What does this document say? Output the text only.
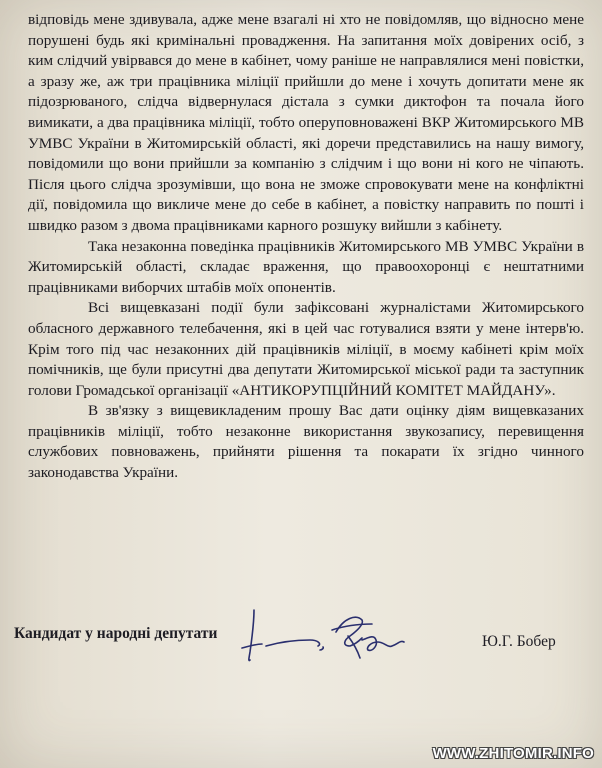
відповідь мене здивувала, адже мене взагалі ні хто не повідомляв, що відносно мене порушені будь які кримінальні провадження. На запитання моїх довірених осіб, з ким слідчий увірвався до мене в кабінет, чому раніше не направлялися мені повістки, а зразу же, аж три працівника міліції прийшли до мене і хочуть допитати мене як підозрюваного, слідча відвернулася дістала з сумки диктофон та почала його вимикати, а два працівника міліції, тобто оперуповноважені ВКР Житомирського МВ УМВС України в Житомирській області, які доречи представились на нашу вимогу, повідомили що вони прийшли за компанію з слідчим і що вони ні кого не чіпають. Після цього слідча зрозумівши, що вона не зможе спровокувати мене на конфліктні дії, повідомила що викличе мене до себе в кабінет, а повістку направить по пошті і швидко разом з двома працівниками карного розшуку вийшли з кабінету.

Така незаконна поведінка працівників Житомирського МВ УМВС України в Житомирській області, складає враження, що правоохоронці є нештатними працівниками виборчих штабів моїх опонентів.

Всі вищевказані події були зафіксовані журналістами Житомирського обласного державного телебачення, які в цей час готувалися взяти у мене інтерв'ю. Крім того під час незаконних дій працівників міліції, в моєму кабінеті крім моїх помічників, ще були присутні два депутати Житомирської міської ради та заступник голови Громадської організації «АНТИКОРУПЦІЙНИЙ КОМІТЕТ МАЙДАНУ».

В зв'язку з вищевикладеним прошу Вас дати оцінку діям вищевказаних працівників міліції, тобто незаконне використання звукозапису, перевищення службових повноважень, прийняти рішення та покарати їх згідно чинного законодавства України.

Кандидат у народні депутати	Ю.Г. Бобер
WWW.ZHITOMIR.INFO
